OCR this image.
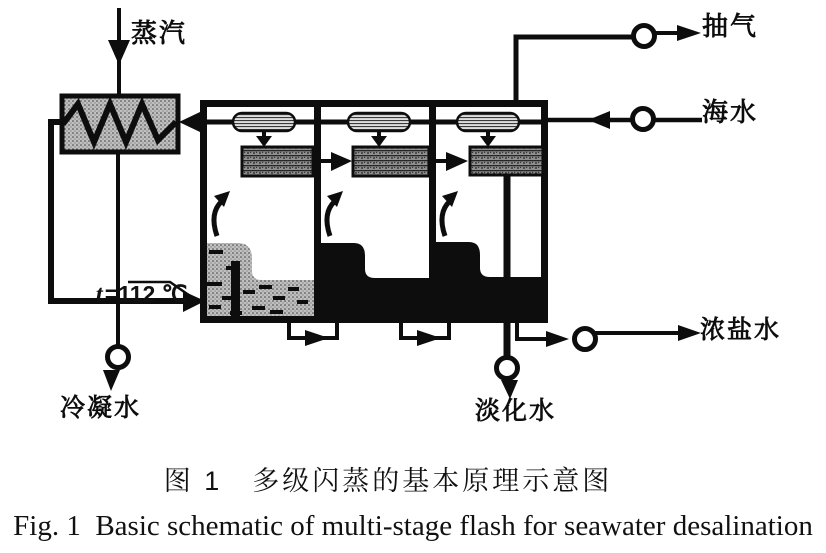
蒸汽	抽气
海水
浓盐水
淡化水
冷凝水

t=112 ℃

图 1　多级闪蒸的基本原理示意图
Fig. 1  Basic schematic of multi-stage flash for seawater desalination
